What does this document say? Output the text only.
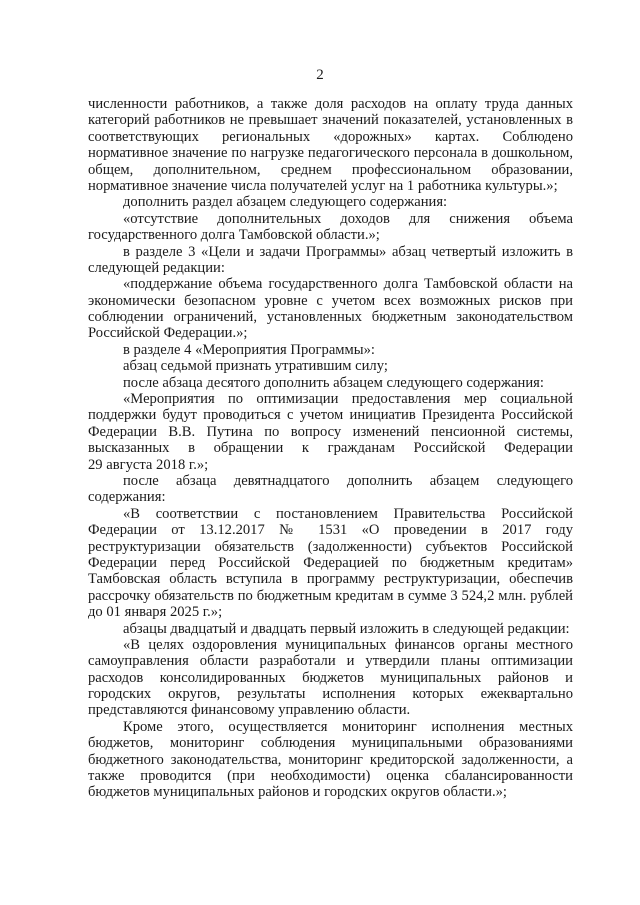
2
численности работников, а также доля расходов на оплату труда данных
категорий работников не превышает значений показателей, установленных в
соответствующих региональных «дорожных» картах. Соблюдено
нормативное значение по нагрузке педагогического персонала в дошкольном,
общем, дополнительном, среднем профессиональном образовании,
нормативное значение числа получателей услуг на 1 работника культуры.»;
дополнить раздел абзацем следующего содержания:
«отсутствие дополнительных доходов для снижения объема
государственного долга Тамбовской области.»;
в разделе 3 «Цели и задачи Программы» абзац четвертый изложить в
следующей редакции:
«поддержание объема государственного долга Тамбовской области на
экономически безопасном уровне с учетом всех возможных рисков при
соблюдении ограничений, установленных бюджетным законодательством
Российской Федерации.»;
в разделе 4 «Мероприятия Программы»:
абзац седьмой признать утратившим силу;
после абзаца десятого дополнить абзацем следующего содержания:
«Мероприятия по оптимизации предоставления мер социальной
поддержки будут проводиться с учетом инициатив Президента Российской
Федерации В.В. Путина по вопросу изменений пенсионной системы,
высказанных в обращении к гражданам Российской Федерации
29 августа 2018 г.»;
после абзаца девятнадцатого дополнить абзацем следующего
содержания:
«В соответствии с постановлением Правительства Российской
Федерации от 13.12.2017 № 1531 «О проведении в 2017 году
реструктуризации обязательств (задолженности) субъектов Российской
Федерации перед Российской Федерацией по бюджетным кредитам»
Тамбовская область вступила в программу реструктуризации, обеспечив
рассрочку обязательств по бюджетным кредитам в сумме 3 524,2 млн. рублей
до 01 января 2025 г.»;
абзацы двадцатый и двадцать первый изложить в следующей редакции:
«В целях оздоровления муниципальных финансов органы местного
самоуправления области разработали и утвердили планы оптимизации
расходов консолидированных бюджетов муниципальных районов и
городских округов, результаты исполнения которых ежеквартально
представляются финансовому управлению области.
Кроме этого, осуществляется мониторинг исполнения местных
бюджетов, мониторинг соблюдения муниципальными образованиями
бюджетного законодательства, мониторинг кредиторской задолженности, а
также проводится (при необходимости) оценка сбалансированности
бюджетов муниципальных районов и городских округов области.»;
